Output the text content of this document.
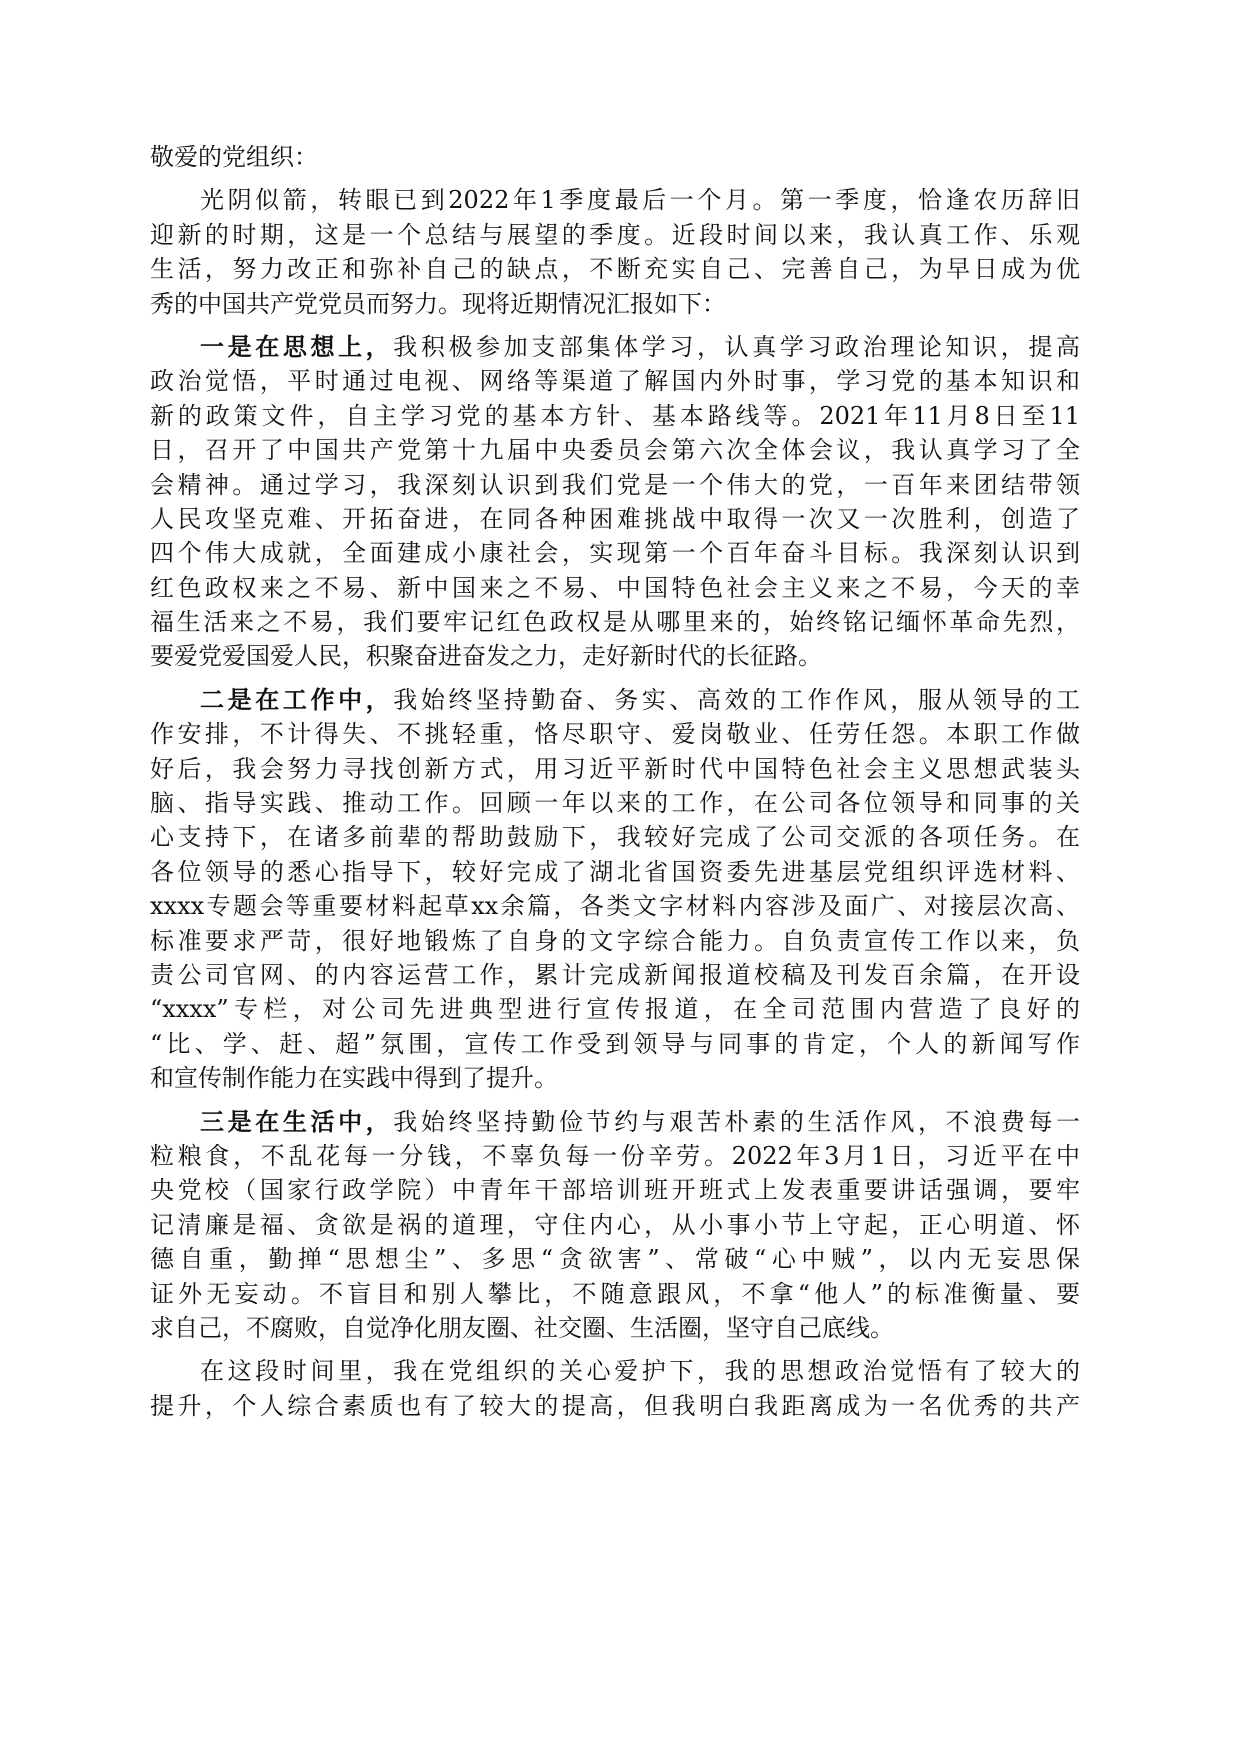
敬爱的党组织：
光阴似箭，转眼已到2022年1季度最后一个月。第一季度，恰逢农历辞旧
迎新的时期，这是一个总结与展望的季度。近段时间以来，我认真工作、乐观
生活，努力改正和弥补自己的缺点，不断充实自己、完善自己，为早日成为优
秀的中国共产党党员而努力。现将近期情况汇报如下：
一是在思想上，我积极参加支部集体学习，认真学习政治理论知识，提高
政治觉悟，平时通过电视、网络等渠道了解国内外时事，学习党的基本知识和
新的政策文件，自主学习党的基本方针、基本路线等。2021年11月8日至11
日，召开了中国共产党第十九届中央委员会第六次全体会议，我认真学习了全
会精神。通过学习，我深刻认识到我们党是一个伟大的党，一百年来团结带领
人民攻坚克难、开拓奋进，在同各种困难挑战中取得一次又一次胜利，创造了
四个伟大成就，全面建成小康社会，实现第一个百年奋斗目标。我深刻认识到
红色政权来之不易、新中国来之不易、中国特色社会主义来之不易，今天的幸
福生活来之不易，我们要牢记红色政权是从哪里来的，始终铭记缅怀革命先烈，
要爱党爱国爱人民，积聚奋进奋发之力，走好新时代的长征路。
二是在工作中，我始终坚持勤奋、务实、高效的工作作风，服从领导的工
作安排，不计得失、不挑轻重，恪尽职守、爱岗敬业、任劳任怨。本职工作做
好后，我会努力寻找创新方式，用习近平新时代中国特色社会主义思想武装头
脑、指导实践、推动工作。回顾一年以来的工作，在公司各位领导和同事的关
心支持下，在诸多前辈的帮助鼓励下，我较好完成了公司交派的各项任务。在
各位领导的悉心指导下，较好完成了湖北省国资委先进基层党组织评选材料、
xxxx专题会等重要材料起草xx余篇，各类文字材料内容涉及面广、对接层次高、
标准要求严苛，很好地锻炼了自身的文字综合能力。自负责宣传工作以来，负
责公司官网、的内容运营工作，累计完成新闻报道校稿及刊发百余篇，在开设
“xxxx”专栏，对公司先进典型进行宣传报道，在全司范围内营造了良好的
“比、学、赶、超”氛围，宣传工作受到领导与同事的肯定，个人的新闻写作
和宣传制作能力在实践中得到了提升。
三是在生活中，我始终坚持勤俭节约与艰苦朴素的生活作风，不浪费每一
粒粮食，不乱花每一分钱，不辜负每一份辛劳。2022年3月1日，习近平在中
央党校（国家行政学院）中青年干部培训班开班式上发表重要讲话强调，要牢
记清廉是福、贪欲是祸的道理，守住内心，从小事小节上守起，正心明道、怀
德自重，勤掸“思想尘”、多思“贪欲害”、常破“心中贼”，以内无妄思保
证外无妄动。不盲目和别人攀比，不随意跟风，不拿“他人”的标准衡量、要
求自己，不腐败，自觉净化朋友圈、社交圈、生活圈，坚守自己底线。
在这段时间里，我在党组织的关心爱护下，我的思想政治觉悟有了较大的
提升，个人综合素质也有了较大的提高，但我明白我距离成为一名优秀的共产
